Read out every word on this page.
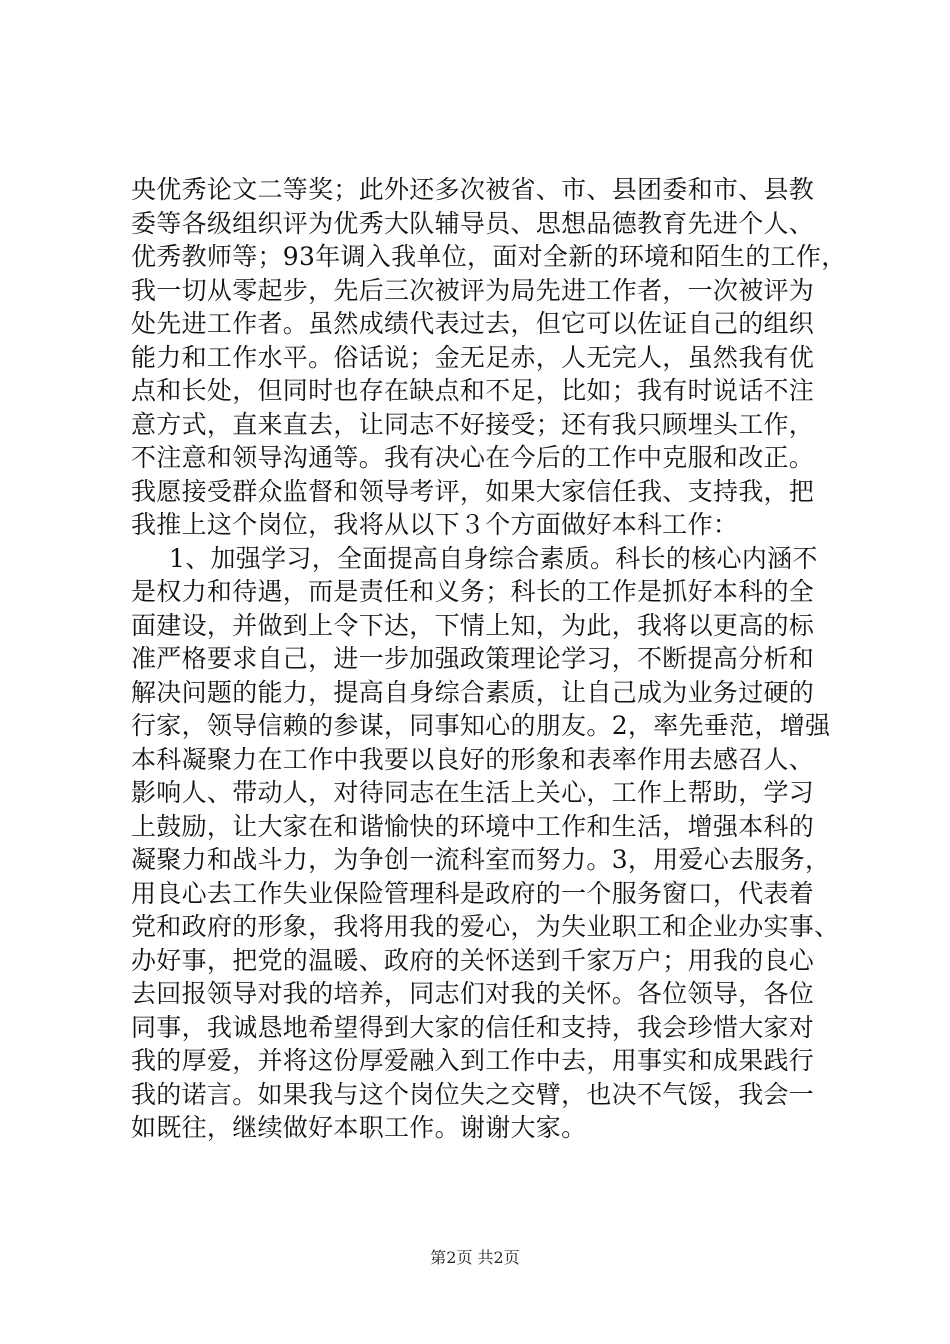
央优秀论文二等奖；此外还多次被省、市、县团委和市、县教
委等各级组织评为优秀大队辅导员、思想品德教育先进个人、
优秀教师等；93年调入我单位，面对全新的环境和陌生的工作，
我一切从零起步，先后三次被评为局先进工作者，一次被评为
处先进工作者。虽然成绩代表过去，但它可以佐证自己的组织
能力和工作水平。俗话说；金无足赤，人无完人，虽然我有优
点和长处，但同时也存在缺点和不足，比如；我有时说话不注
意方式，直来直去，让同志不好接受；还有我只顾埋头工作，
不注意和领导沟通等。我有决心在今后的工作中克服和改正。
我愿接受群众监督和领导考评，如果大家信任我、支持我，把
我推上这个岗位，我将从以下３个方面做好本科工作：
1、加强学习，全面提高自身综合素质。科长的核心内涵不
是权力和待遇，而是责任和义务；科长的工作是抓好本科的全
面建设，并做到上令下达，下情上知，为此，我将以更高的标
准严格要求自己，进一步加强政策理论学习，不断提高分析和
解决问题的能力，提高自身综合素质，让自己成为业务过硬的
行家，领导信赖的参谋，同事知心的朋友。2，率先垂范，增强
本科凝聚力在工作中我要以良好的形象和表率作用去感召人、
影响人、带动人，对待同志在生活上关心，工作上帮助，学习
上鼓励，让大家在和谐愉快的环境中工作和生活，增强本科的
凝聚力和战斗力，为争创一流科室而努力。3，用爱心去服务，
用良心去工作失业保险管理科是政府的一个服务窗口，代表着
党和政府的形象，我将用我的爱心，为失业职工和企业办实事、
办好事，把党的温暖、政府的关怀送到千家万户；用我的良心
去回报领导对我的培养，同志们对我的关怀。各位领导，各位
同事，我诚恳地希望得到大家的信任和支持，我会珍惜大家对
我的厚爱，并将这份厚爱融入到工作中去，用事实和成果践行
我的诺言。如果我与这个岗位失之交臂，也决不气馁，我会一
如既往，继续做好本职工作。谢谢大家。
第2页 共2页
